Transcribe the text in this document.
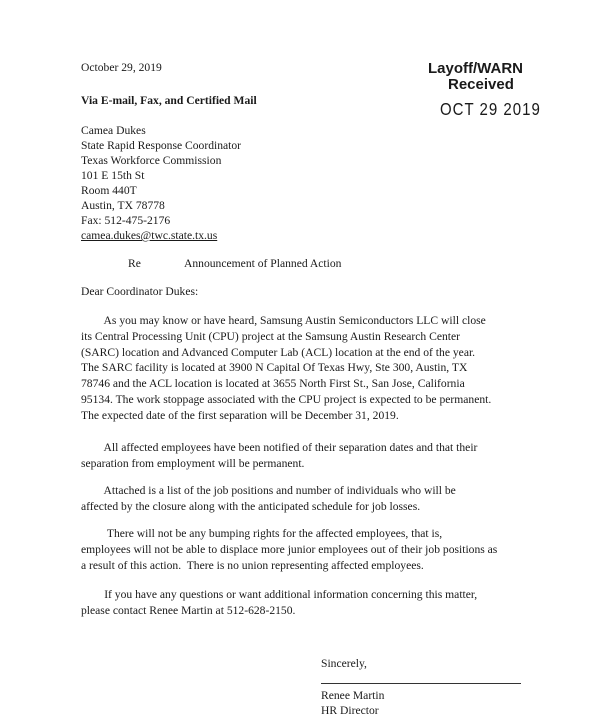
October 29, 2019
Via E-mail, Fax, and Certified Mail
Layoff/WARN
Received
OCT 29 2019
Camea Dukes
State Rapid Response Coordinator
Texas Workforce Commission
101 E 15th St
Room 440T
Austin, TX 78778
Fax: 512-475-2176
camea.dukes@twc.state.tx.us
Re	Announcement of Planned Action
Dear Coordinator Dukes:
As you may know or have heard, Samsung Austin Semiconductors LLC will close
its Central Processing Unit (CPU) project at the Samsung Austin Research Center
(SARC) location and Advanced Computer Lab (ACL) location at the end of the year.
The SARC facility is located at 3900 N Capital Of Texas Hwy, Ste 300, Austin, TX
78746 and the ACL location is located at 3655 North First St., San Jose, California
95134. The work stoppage associated with the CPU project is expected to be permanent.
The expected date of the first separation will be December 31, 2019.
All affected employees have been notified of their separation dates and that their
separation from employment will be permanent.
Attached is a list of the job positions and number of individuals who will be
affected by the closure along with the anticipated schedule for job losses.
There will not be any bumping rights for the affected employees, that is,
employees will not be able to displace more junior employees out of their job positions as
a result of this action.  There is no union representing affected employees.
If you have any questions or want additional information concerning this matter,
please contact Renee Martin at 512-628-2150.
Sincerely,
Renee Martin
HR Director
